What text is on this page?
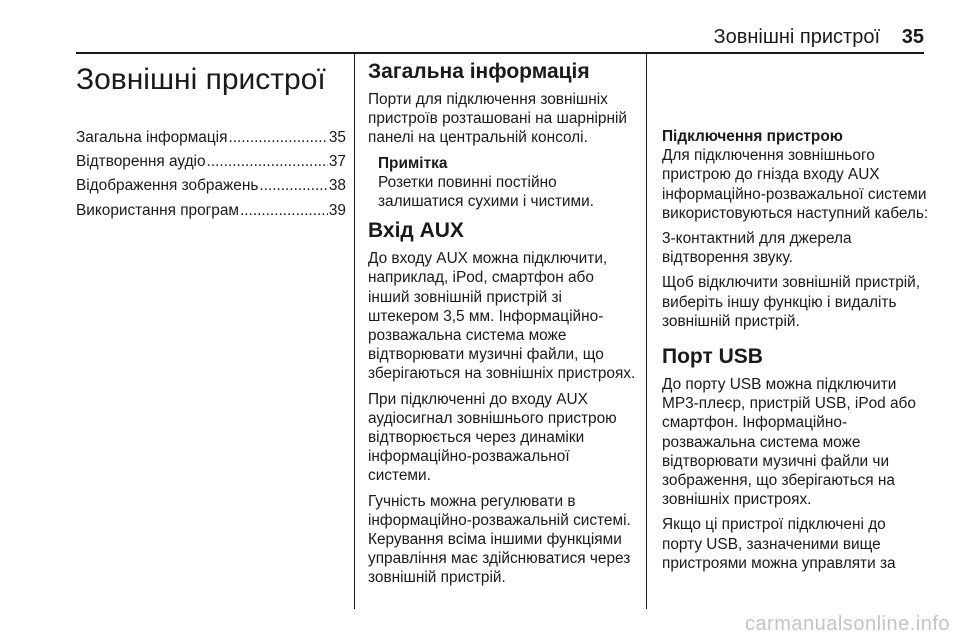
Зовнішні пристрої 35
Зовнішні пристрої
Загальна інформація .....	35
Відтворення аудіо .....	37
Відображення зображень .....	38
Використання програм .....	39
Загальна інформація

Порти для підключення зовнішніх пристроїв розташовані на шарнірній панелі на центральній консолі.

Примітка
Розетки повинні постійно залишатися сухими і чистими.
Вхід AUX

До входу AUX можна підключити, наприклад, iPod, смартфон або інший зовнішній пристрій зі штекером 3,5 мм. Інформаційно-розважальна система може відтворювати музичні файли, що зберігаються на зовнішніх пристроях.

При підключенні до входу AUX аудіосигнал зовнішнього пристрою відтворюється через динаміки інформаційно-розважальної системи.

Гучність можна регулювати в інформаційно-розважальній системі. Керування всіма іншими функціями управління має здійснюватися через зовнішній пристрій.

Підключення пристрою

Для підключення зовнішнього пристрою до гнізда входу AUX інформаційно-розважальної системи використовуються наступний кабель:

3-контактний для джерела відтворення звуку.

Щоб відключити зовнішній пристрій, виберіть іншу функцію і видаліть зовнішній пристрій.

Порт USB

До порту USB можна підключити MP3-плеєр, пристрій USB, iPod або смартфон. Інформаційно-розважальна система може відтворювати музичні файли чи зображення, що зберігаються на зовнішніх пристроях.

Якщо ці пристрої підключені до порту USB, зазначеними вище пристроями можна управляти за

carmanualsonline.info
